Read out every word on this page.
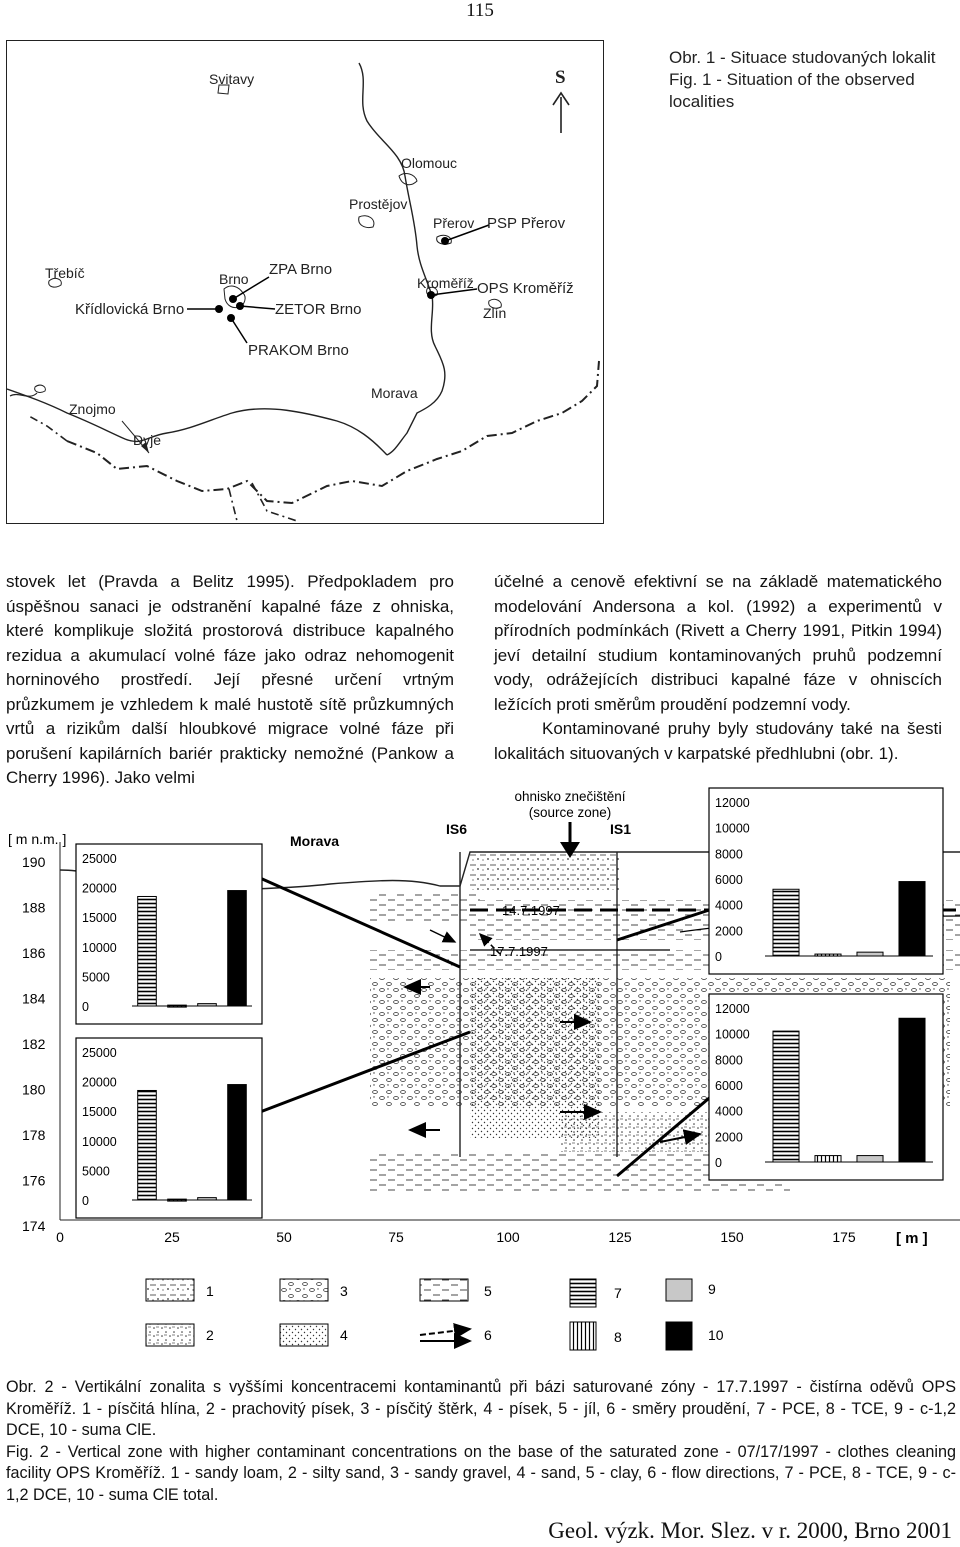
115
Svitavy	S
Olomouc
Prostějov
Přerov PSP Přerov
Třebíč	Brno
ZPA Brno
Kroměříž OPS Kroměříž
Křídlovická Brno	ZETOR Brno	Zlín
PRAKOM Brno
Morava
Znojmo
Dyje
Obr. 1 - Situace studovaných lokalit
Fig. 1 - Situation of the observed
localities

stovek let (Pravda a Belitz 1995). Předpokladem pro úspěšnou sanaci je odstranění kapalné fáze z ohniska, které komplikuje složitá prostorová distribuce kapalného rezidua a akumulací volné fáze jako odraz nehomogenit horninového prostředí. Její přesné určení vrtným průzkumem je vzhledem k malé hustotě sítě průzkumných vrtů a rizikům další hloubkové migrace volné fáze při porušení kapilárních bariér prakticky nemožné (Pankow a Cherry 1996). Jako velmi

účelné a cenově efektivní se na základě matematického modelování Andersona a kol. (1992) a experimentů v přírodních podmínkách (Rivett a Cherry 1991, Pitkin 1994) jeví detailní studium kontaminovaných pruhů podzemní vody, odrážejících distribuci kapalné fáze v ohniscích ležících proti směrům proudění podzemní vody.

Kontaminované pruhy byly studovány také na šesti lokalitách situovaných v karpatské předhlubni (obr. 1).

[ m n.m. ]
[ m ]
190
188
186
184
182
180
178
176
174
0	25	50	75	100	125	150	175
Morava
IS6	IS1
ohnisko znečištění
(source zone)
14.7.1997
17.7.1997
25000
20000
15000
10000
5000
0
25000
20000
15000
10000
5000
0
12000
10000
8000
6000
4000
2000
0
12000
10000
8000
6000
4000
2000
0
1
2
3
4
5
6
7
8
9
10

Obr. 2 - Vertikální zonalita s vyššími koncentracemi kontaminantů při bázi saturované zóny - 17.7.1997 - čistírna oděvů OPS Kroměříž. 1 - písčitá hlína, 2 - prachovitý písek, 3 - písčitý štěrk, 4 - písek, 5 - jíl, 6 - směry proudění, 7 - PCE, 8 - TCE, 9 - c-1,2 DCE, 10 - suma ClE.

Fig. 2 - Vertical zone with higher contaminant concentrations on the base of the saturated zone - 07/17/1997 - clothes cleaning facility OPS Kroměříž. 1 - sandy loam, 2 - silty sand, 3 - sandy gravel, 4 - sand, 5 - clay, 6 - flow directions, 7 - PCE, 8 - TCE, 9 - c-1,2 DCE, 10 - suma ClE total.

Geol. výzk. Mor. Slez. v r. 2000, Brno 2001
